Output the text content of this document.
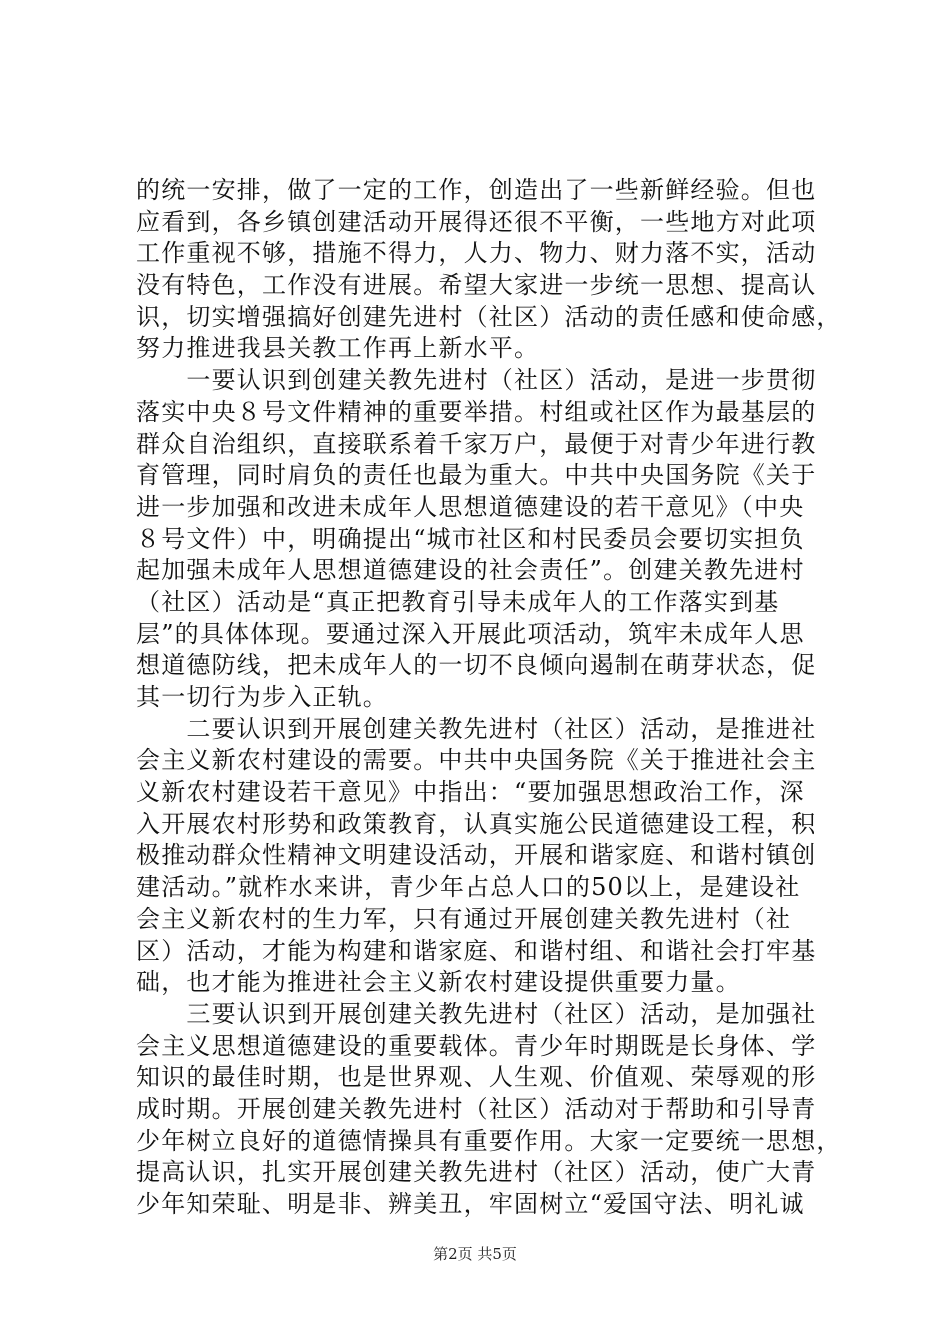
的统一安排，做了一定的工作，创造出了一些新鲜经验。但也
应看到，各乡镇创建活动开展得还很不平衡，一些地方对此项
工作重视不够，措施不得力，人力、物力、财力落不实，活动
没有特色，工作没有进展。希望大家进一步统一思想、提高认
识，切实增强搞好创建先进村（社区）活动的责任感和使命感，
努力推进我县关教工作再上新水平。
　　一要认识到创建关教先进村（社区）活动，是进一步贯彻
落实中央８号文件精神的重要举措。村组或社区作为最基层的
群众自治组织，直接联系着千家万户，最便于对青少年进行教
育管理，同时肩负的责任也最为重大。中共中央国务院《关于
进一步加强和改进未成年人思想道德建设的若干意见》（中央
８号文件）中，明确提出“城市社区和村民委员会要切实担负
起加强未成年人思想道德建设的社会责任”。创建关教先进村
（社区）活动是“真正把教育引导未成年人的工作落实到基
层”的具体体现。要通过深入开展此项活动，筑牢未成年人思
想道德防线，把未成年人的一切不良倾向遏制在萌芽状态，促
其一切行为步入正轨。
　　二要认识到开展创建关教先进村（社区）活动，是推进社
会主义新农村建设的需要。中共中央国务院《关于推进社会主
义新农村建设若干意见》中指出：“要加强思想政治工作，深
入开展农村形势和政策教育，认真实施公民道德建设工程，积
极推动群众性精神文明建设活动，开展和谐家庭、和谐村镇创
建活动。”就柞水来讲，青少年占总人口的50以上，是建设社
会主义新农村的生力军，只有通过开展创建关教先进村（社
区）活动，才能为构建和谐家庭、和谐村组、和谐社会打牢基
础，也才能为推进社会主义新农村建设提供重要力量。
　　三要认识到开展创建关教先进村（社区）活动，是加强社
会主义思想道德建设的重要载体。青少年时期既是长身体、学
知识的最佳时期，也是世界观、人生观、价值观、荣辱观的形
成时期。开展创建关教先进村（社区）活动对于帮助和引导青
少年树立良好的道德情操具有重要作用。大家一定要统一思想，
提高认识，扎实开展创建关教先进村（社区）活动，使广大青
少年知荣耻、明是非、辨美丑，牢固树立“爱国守法、明礼诚
第2页 共5页
